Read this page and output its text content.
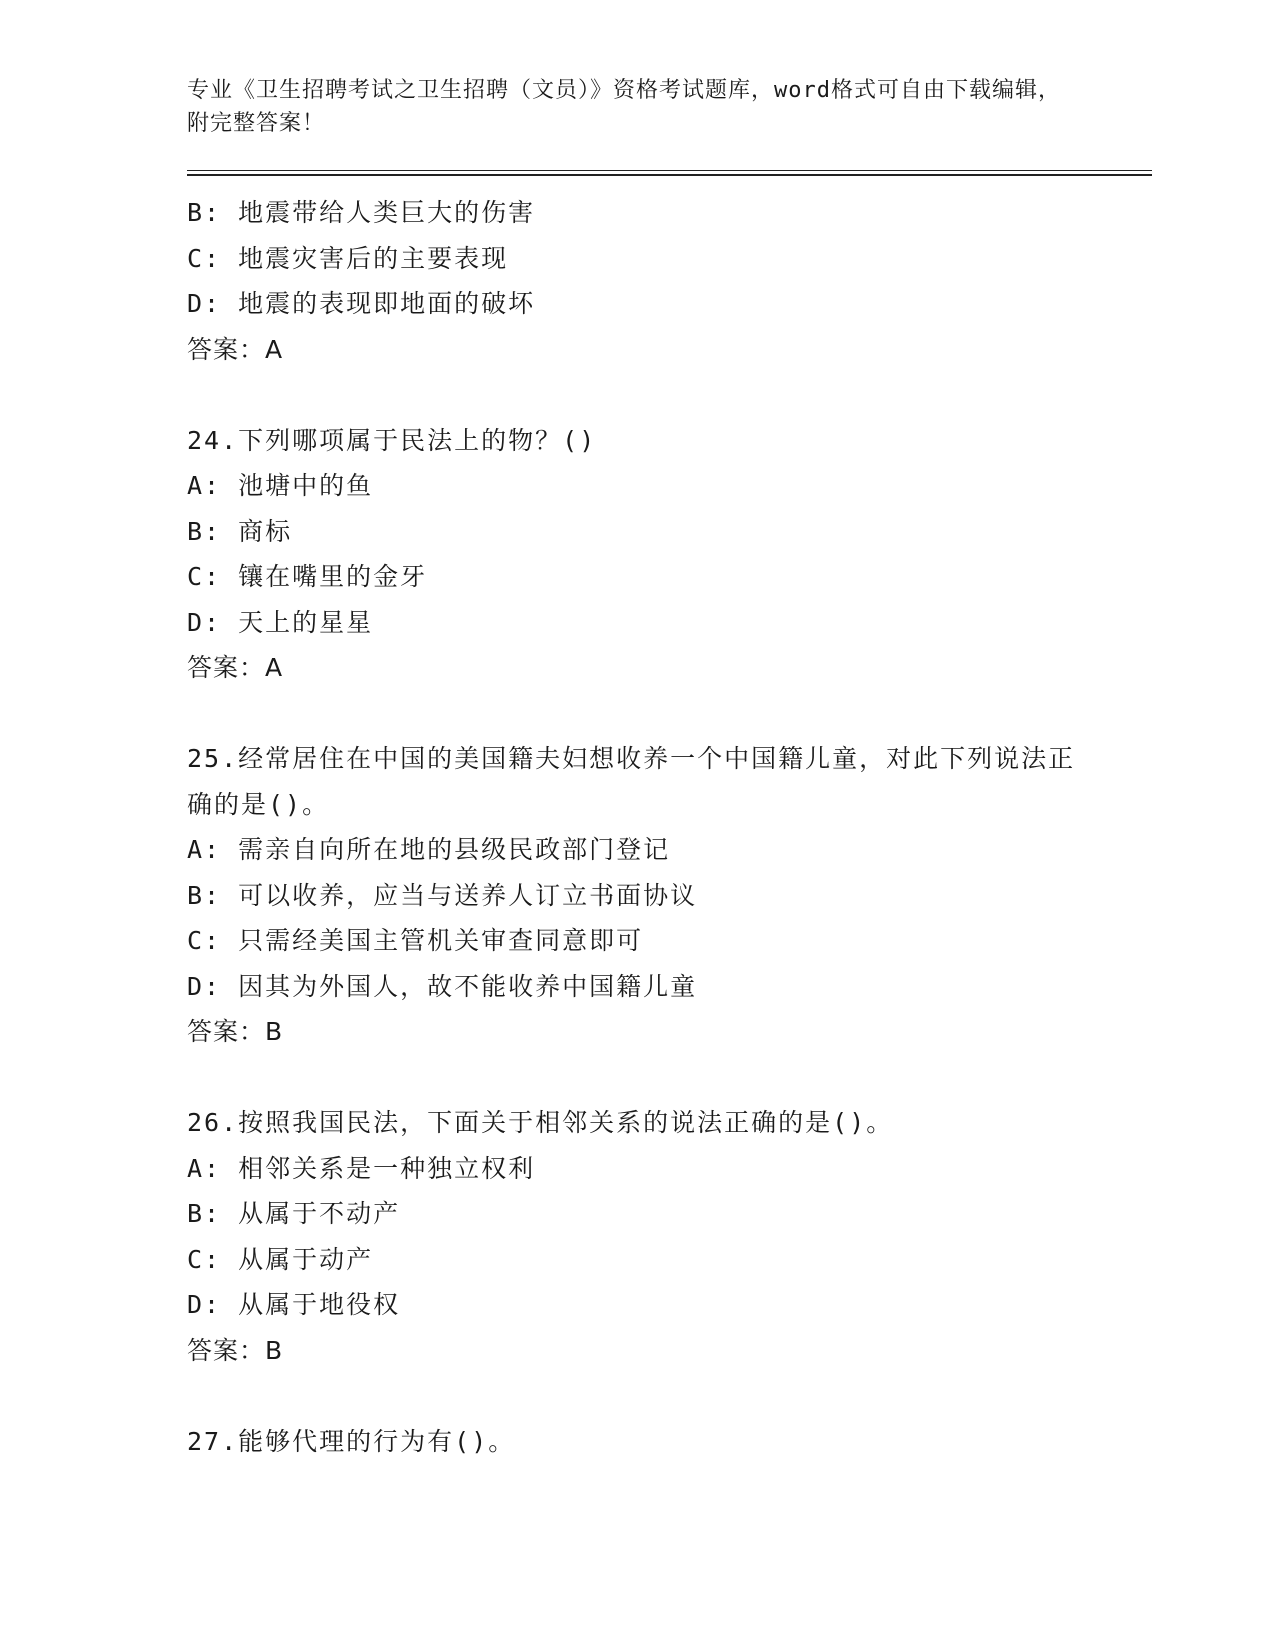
专业《卫生招聘考试之卫生招聘（文员）》资格考试题库，word格式可自由下载编辑，附完整答案！
B: 地震带给人类巨大的伤害
C: 地震灾害后的主要表现
D: 地震的表现即地面的破坏
答案：A
24.下列哪项属于民法上的物？()
A: 池塘中的鱼
B: 商标
C: 镶在嘴里的金牙
D: 天上的星星
答案：A
25.经常居住在中国的美国籍夫妇想收养一个中国籍儿童，对此下列说法正确的是()。
A: 需亲自向所在地的县级民政部门登记
B: 可以收养，应当与送养人订立书面协议
C: 只需经美国主管机关审查同意即可
D: 因其为外国人，故不能收养中国籍儿童
答案：B
26.按照我国民法，下面关于相邻关系的说法正确的是()。
A: 相邻关系是一种独立权利
B: 从属于不动产
C: 从属于动产
D: 从属于地役权
答案：B
27.能够代理的行为有()。
